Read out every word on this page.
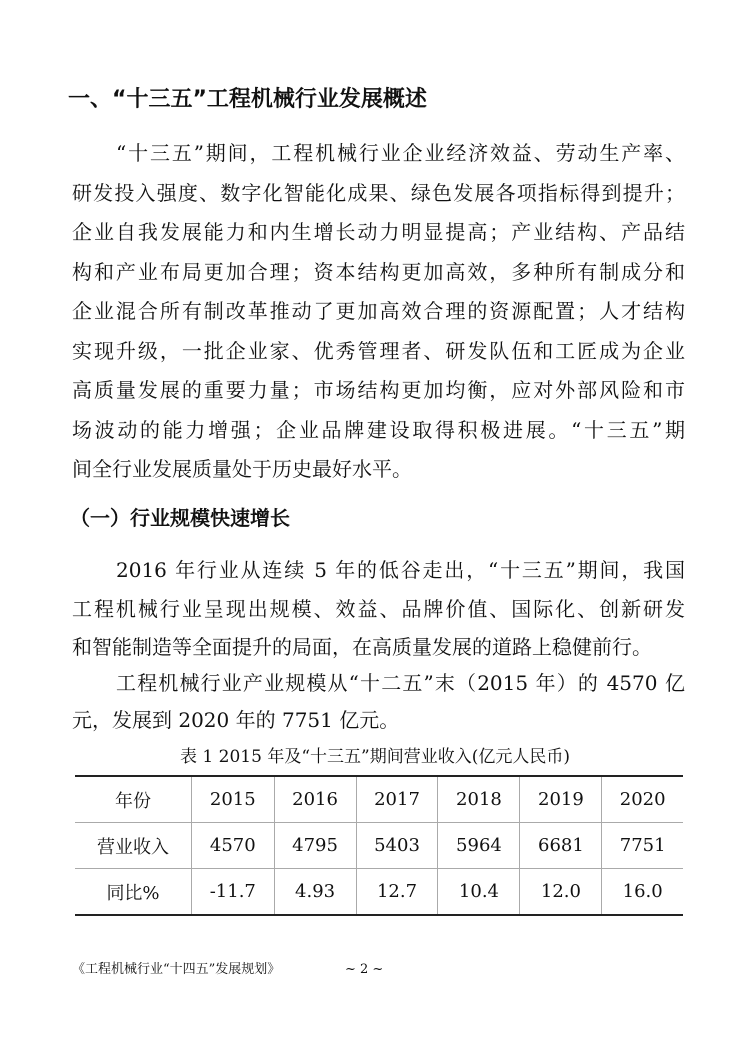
一、“十三五”工程机械行业发展概述
“十三五”期间，工程机械行业企业经济效益、劳动生产率、
研发投入强度、数字化智能化成果、绿色发展各项指标得到提升；
企业自我发展能力和内生增长动力明显提高；产业结构、产品结
构和产业布局更加合理；资本结构更加高效，多种所有制成分和
企业混合所有制改革推动了更加高效合理的资源配置；人才结构
实现升级，一批企业家、优秀管理者、研发队伍和工匠成为企业
高质量发展的重要力量；市场结构更加均衡，应对外部风险和市
场波动的能力增强；企业品牌建设取得积极进展。“十三五”期
间全行业发展质量处于历史最好水平。
（一）行业规模快速增长
2016 年行业从连续 5 年的低谷走出，“十三五”期间，我国
工程机械行业呈现出规模、效益、品牌价值、国际化、创新研发
和智能制造等全面提升的局面，在高质量发展的道路上稳健前行。
工程机械行业产业规模从“十二五”末（2015 年）的 4570 亿
元，发展到 2020 年的 7751 亿元。
表 1 2015 年及“十三五”期间营业收入(亿元人民币)
年份	2015	2016	2017	2018	2019	2020
营业收入	4570	4795	5403	5964	6681	7751
同比%	-11.7	4.93	12.7	10.4	12.0	16.0
《工程机械行业“十四五”发展规划》	~ 2 ~
